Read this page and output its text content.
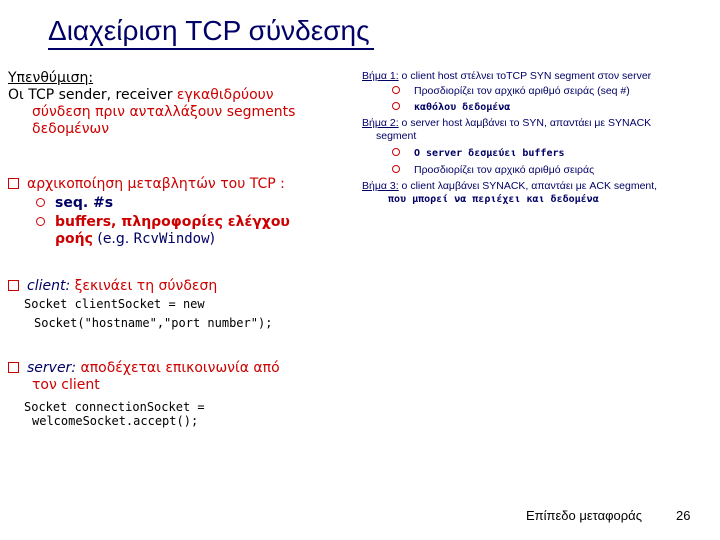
Διαχείριση TCP σύνδεσης
Υπενθύμιση:
Οι TCP sender, receiver εγκαθιδρύουν
σύνδεση πριν ανταλλάξουν segments
δεδομένων
αρχικοποίηση μεταβλητών του TCP :
seq. #s
buffers, πληροφορίες ελέγχου
ροής (e.g. RcvWindow)
client: ξεκινάει τη σύνδεση
Socket clientSocket = new
Socket("hostname","port number");
server: αποδέχεται επικοινωνία από
τον client
Socket connectionSocket =
welcomeSocket.accept();
Βήμα 1: ο client host στέλνει τοTCP SYN segment στον server
Προσδιορίζει τον αρχικό αριθμό σειράς (seq #)
καθόλου δεδομένα
Βήμα 2: ο server host λαμβάνει το SYN, απαντάει με SYNACK
segment
O server δεσμεύει buffers
Προσδιορίζει τον αρχικό αριθμό σειράς
Βήμα 3: ο client λαμβάνει SYNACK, απαντάει με ACK segment,
που μπορεί να περιέχει και δεδομένα
Επίπεδο μεταφοράς	26
